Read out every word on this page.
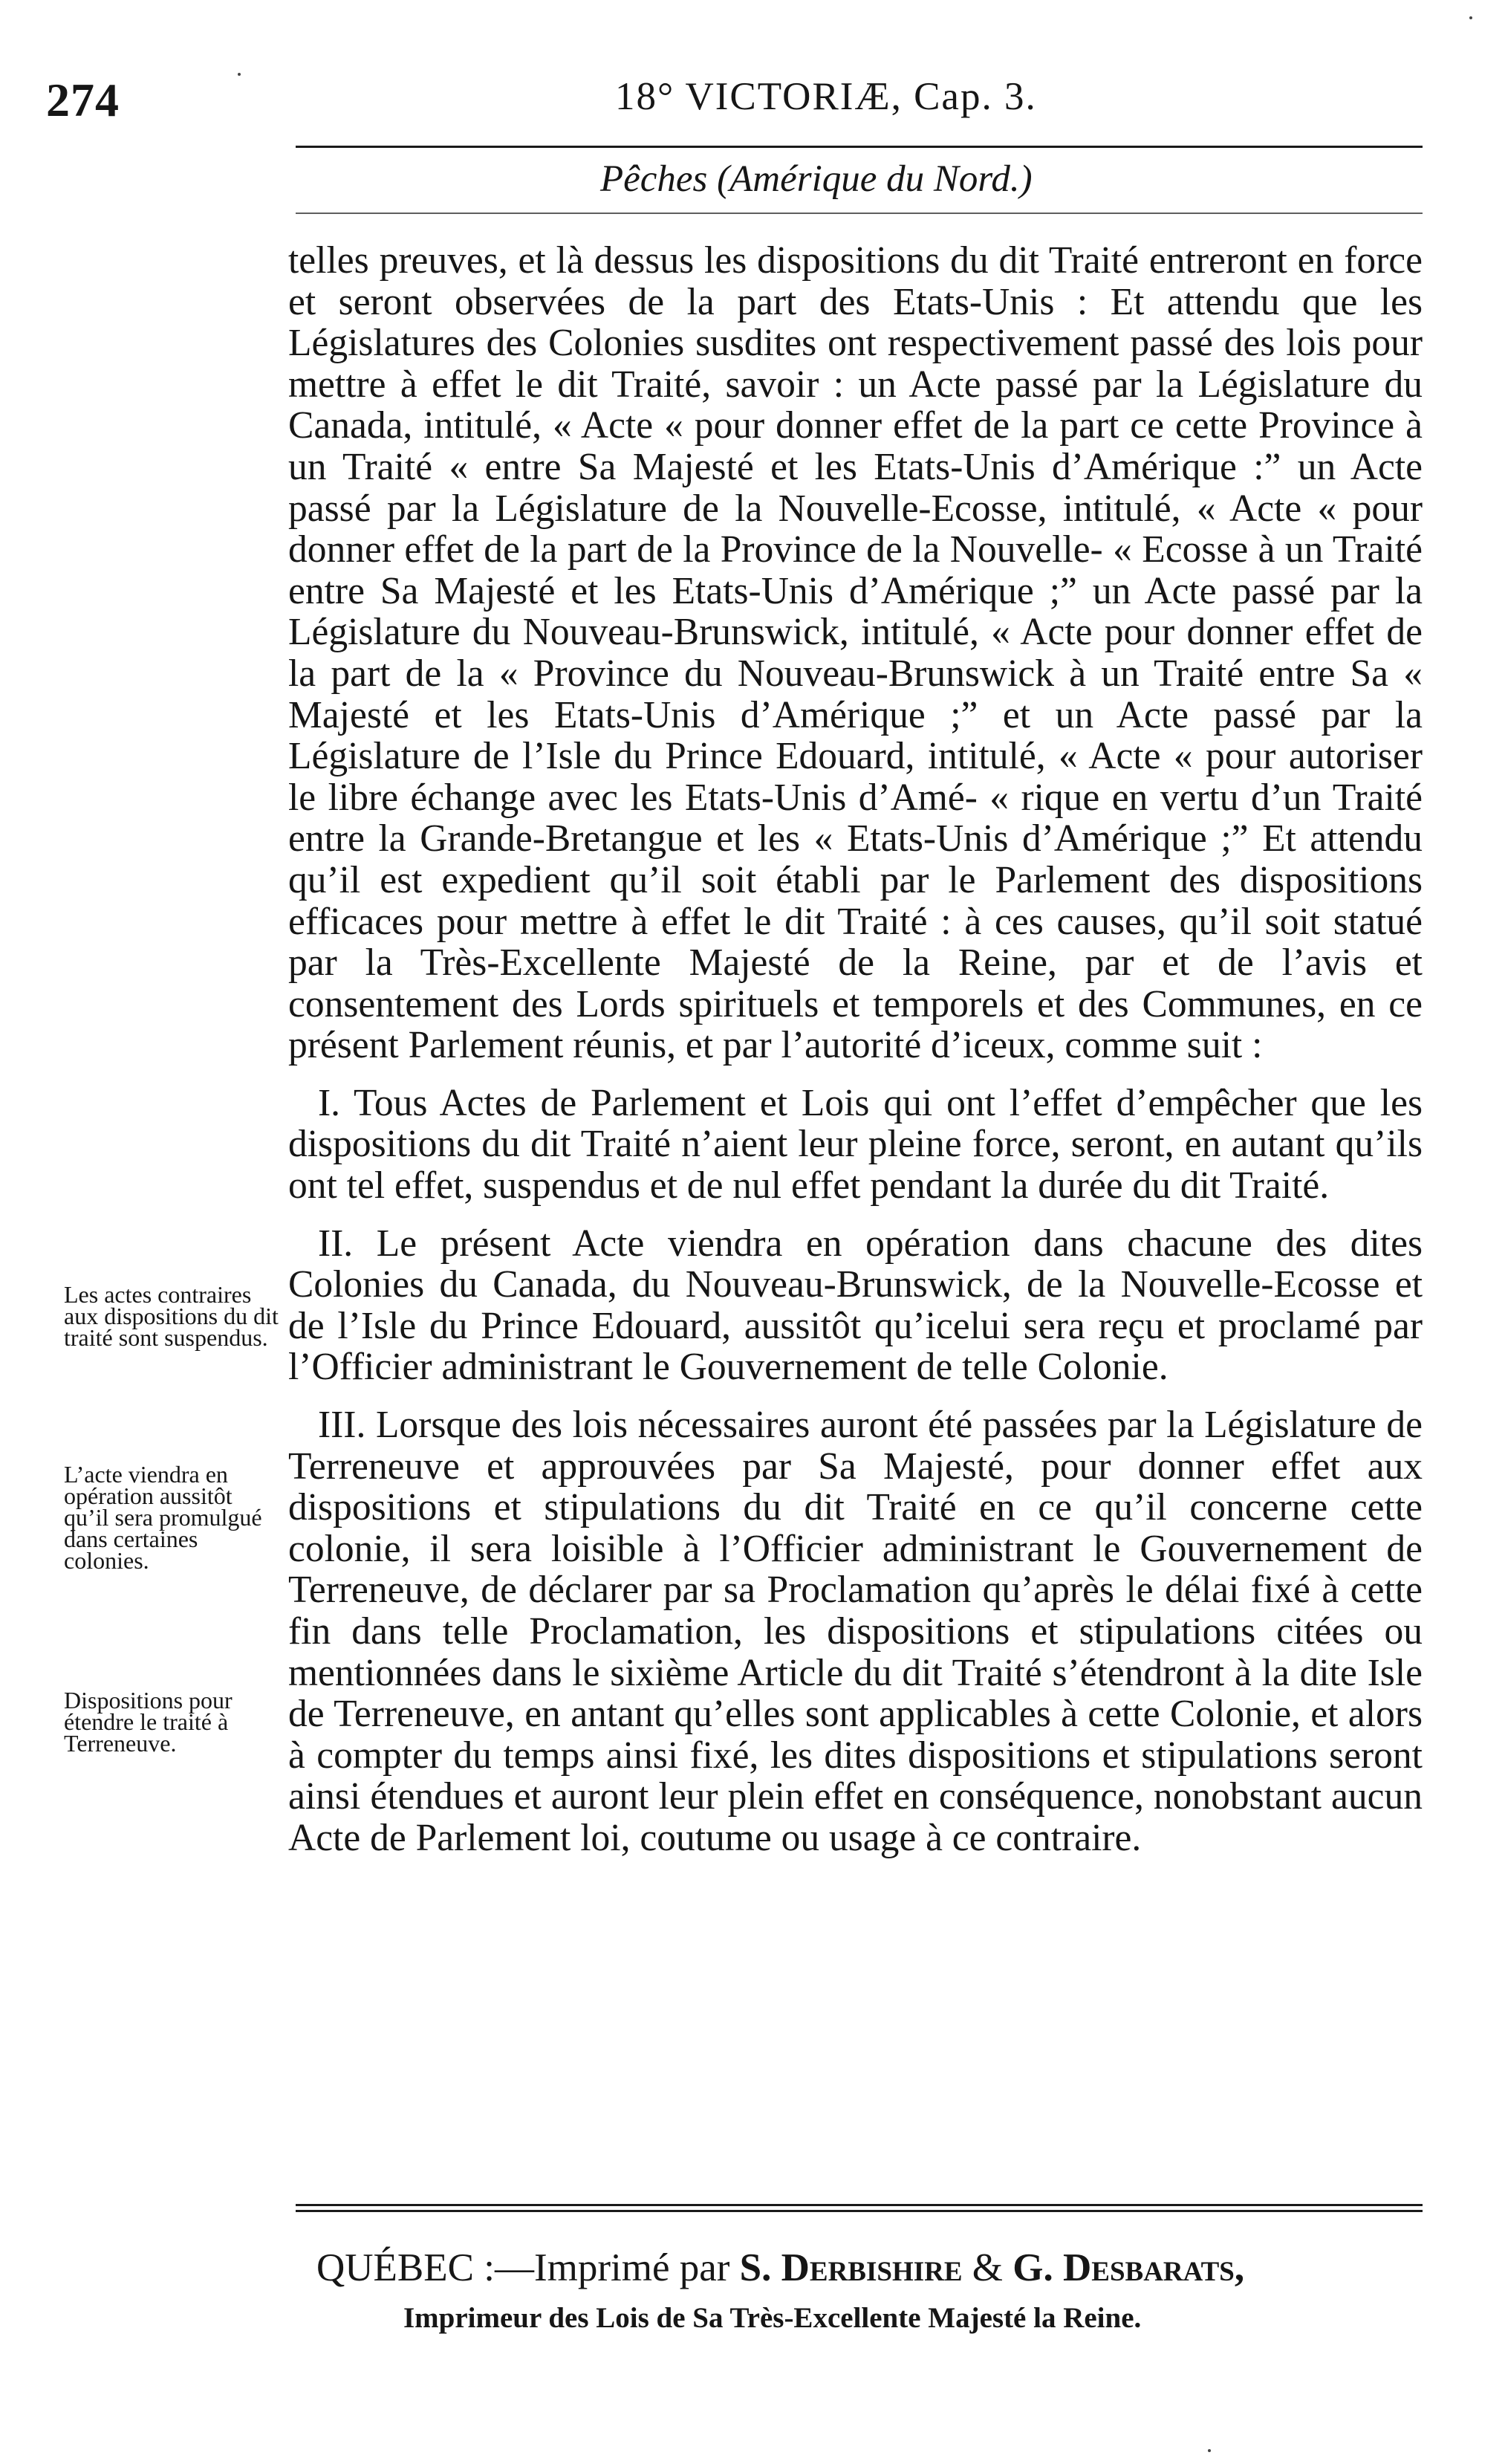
274	18° VICTORIÆ, Cap. 3.
Pêches (Amérique du Nord.)

telles preuves, et là dessus les dispositions du dit Traité entreront en force et seront observées de la part des Etats-Unis : Et attendu que les Législatures des Colonies susdites ont respectivement passé des lois pour mettre à effet le dit Traité, savoir : un Acte passé par la Législature du Canada, intitulé, « Acte « pour donner effet de la part ce cette Province à un Traité « entre Sa Majesté et les Etats-Unis d’Amérique :” un Acte passé par la Législature de la Nouvelle-Ecosse, intitulé, « Acte « pour donner effet de la part de la Province de la Nouvelle- « Ecosse à un Traité entre Sa Majesté et les Etats-Unis d’Amérique ;” un Acte passé par la Législature du Nouveau-Brunswick, intitulé, « Acte pour donner effet de la part de la « Province du Nouveau-Brunswick à un Traité entre Sa « Majesté et les Etats-Unis d’Amérique ;” et un Acte passé par la Législature de l’Isle du Prince Edouard, intitulé, « Acte « pour autoriser le libre échange avec les Etats-Unis d’Amé- « rique en vertu d’un Traité entre la Grande-Bretangue et les « Etats-Unis d’Amérique ;” Et attendu qu’il est expedient qu’il soit établi par le Parlement des dispositions efficaces pour mettre à effet le dit Traité : à ces causes, qu’il soit statué par la Très-Excellente Majesté de la Reine, par et de l’avis et consentement des Lords spirituels et temporels et des Communes, en ce présent Parlement réunis, et par l’autorité d’iceux, comme suit :

I. Tous Actes de Parlement et Lois qui ont l’effet d’empêcher que les dispositions du dit Traité n’aient leur pleine force, seront, en autant qu’ils ont tel effet, suspendus et de nul effet pendant la durée du dit Traité.

II. Le présent Acte viendra en opération dans chacune des dites Colonies du Canada, du Nouveau-Brunswick, de la Nouvelle-Ecosse et de l’Isle du Prince Edouard, aussitôt qu’icelui sera reçu et proclamé par l’Officier administrant le Gouvernement de telle Colonie.

III. Lorsque des lois nécessaires auront été passées par la Législature de Terreneuve et approuvées par Sa Majesté, pour donner effet aux dispositions et stipulations du dit Traité en ce qu’il concerne cette colonie, il sera loisible à l’Officier administrant le Gouvernement de Terreneuve, de déclarer par sa Proclamation qu’après le délai fixé à cette fin dans telle Proclamation, les dispositions et stipulations citées ou mentionnées dans le sixième Article du dit Traité s’étendront à la dite Isle de Terreneuve, en antant qu’elles sont applicables à cette Colonie, et alors à compter du temps ainsi fixé, les dites dispositions et stipulations seront ainsi étendues et auront leur plein effet en conséquence, nonobstant aucun Acte de Parlement loi, coutume ou usage à ce contraire.

Les actes contraires aux dispositions du dit traité sont suspendus.
L’acte viendra en opération aussitôt qu’il sera promulgué dans certaines colonies.
Dispositions pour étendre le traité à Terreneuve.
QUÉBEC :—Imprimé par S. Derbishire & G. Desbarats,
Imprimeur des Lois de Sa Très-Excellente Majesté la Reine.
